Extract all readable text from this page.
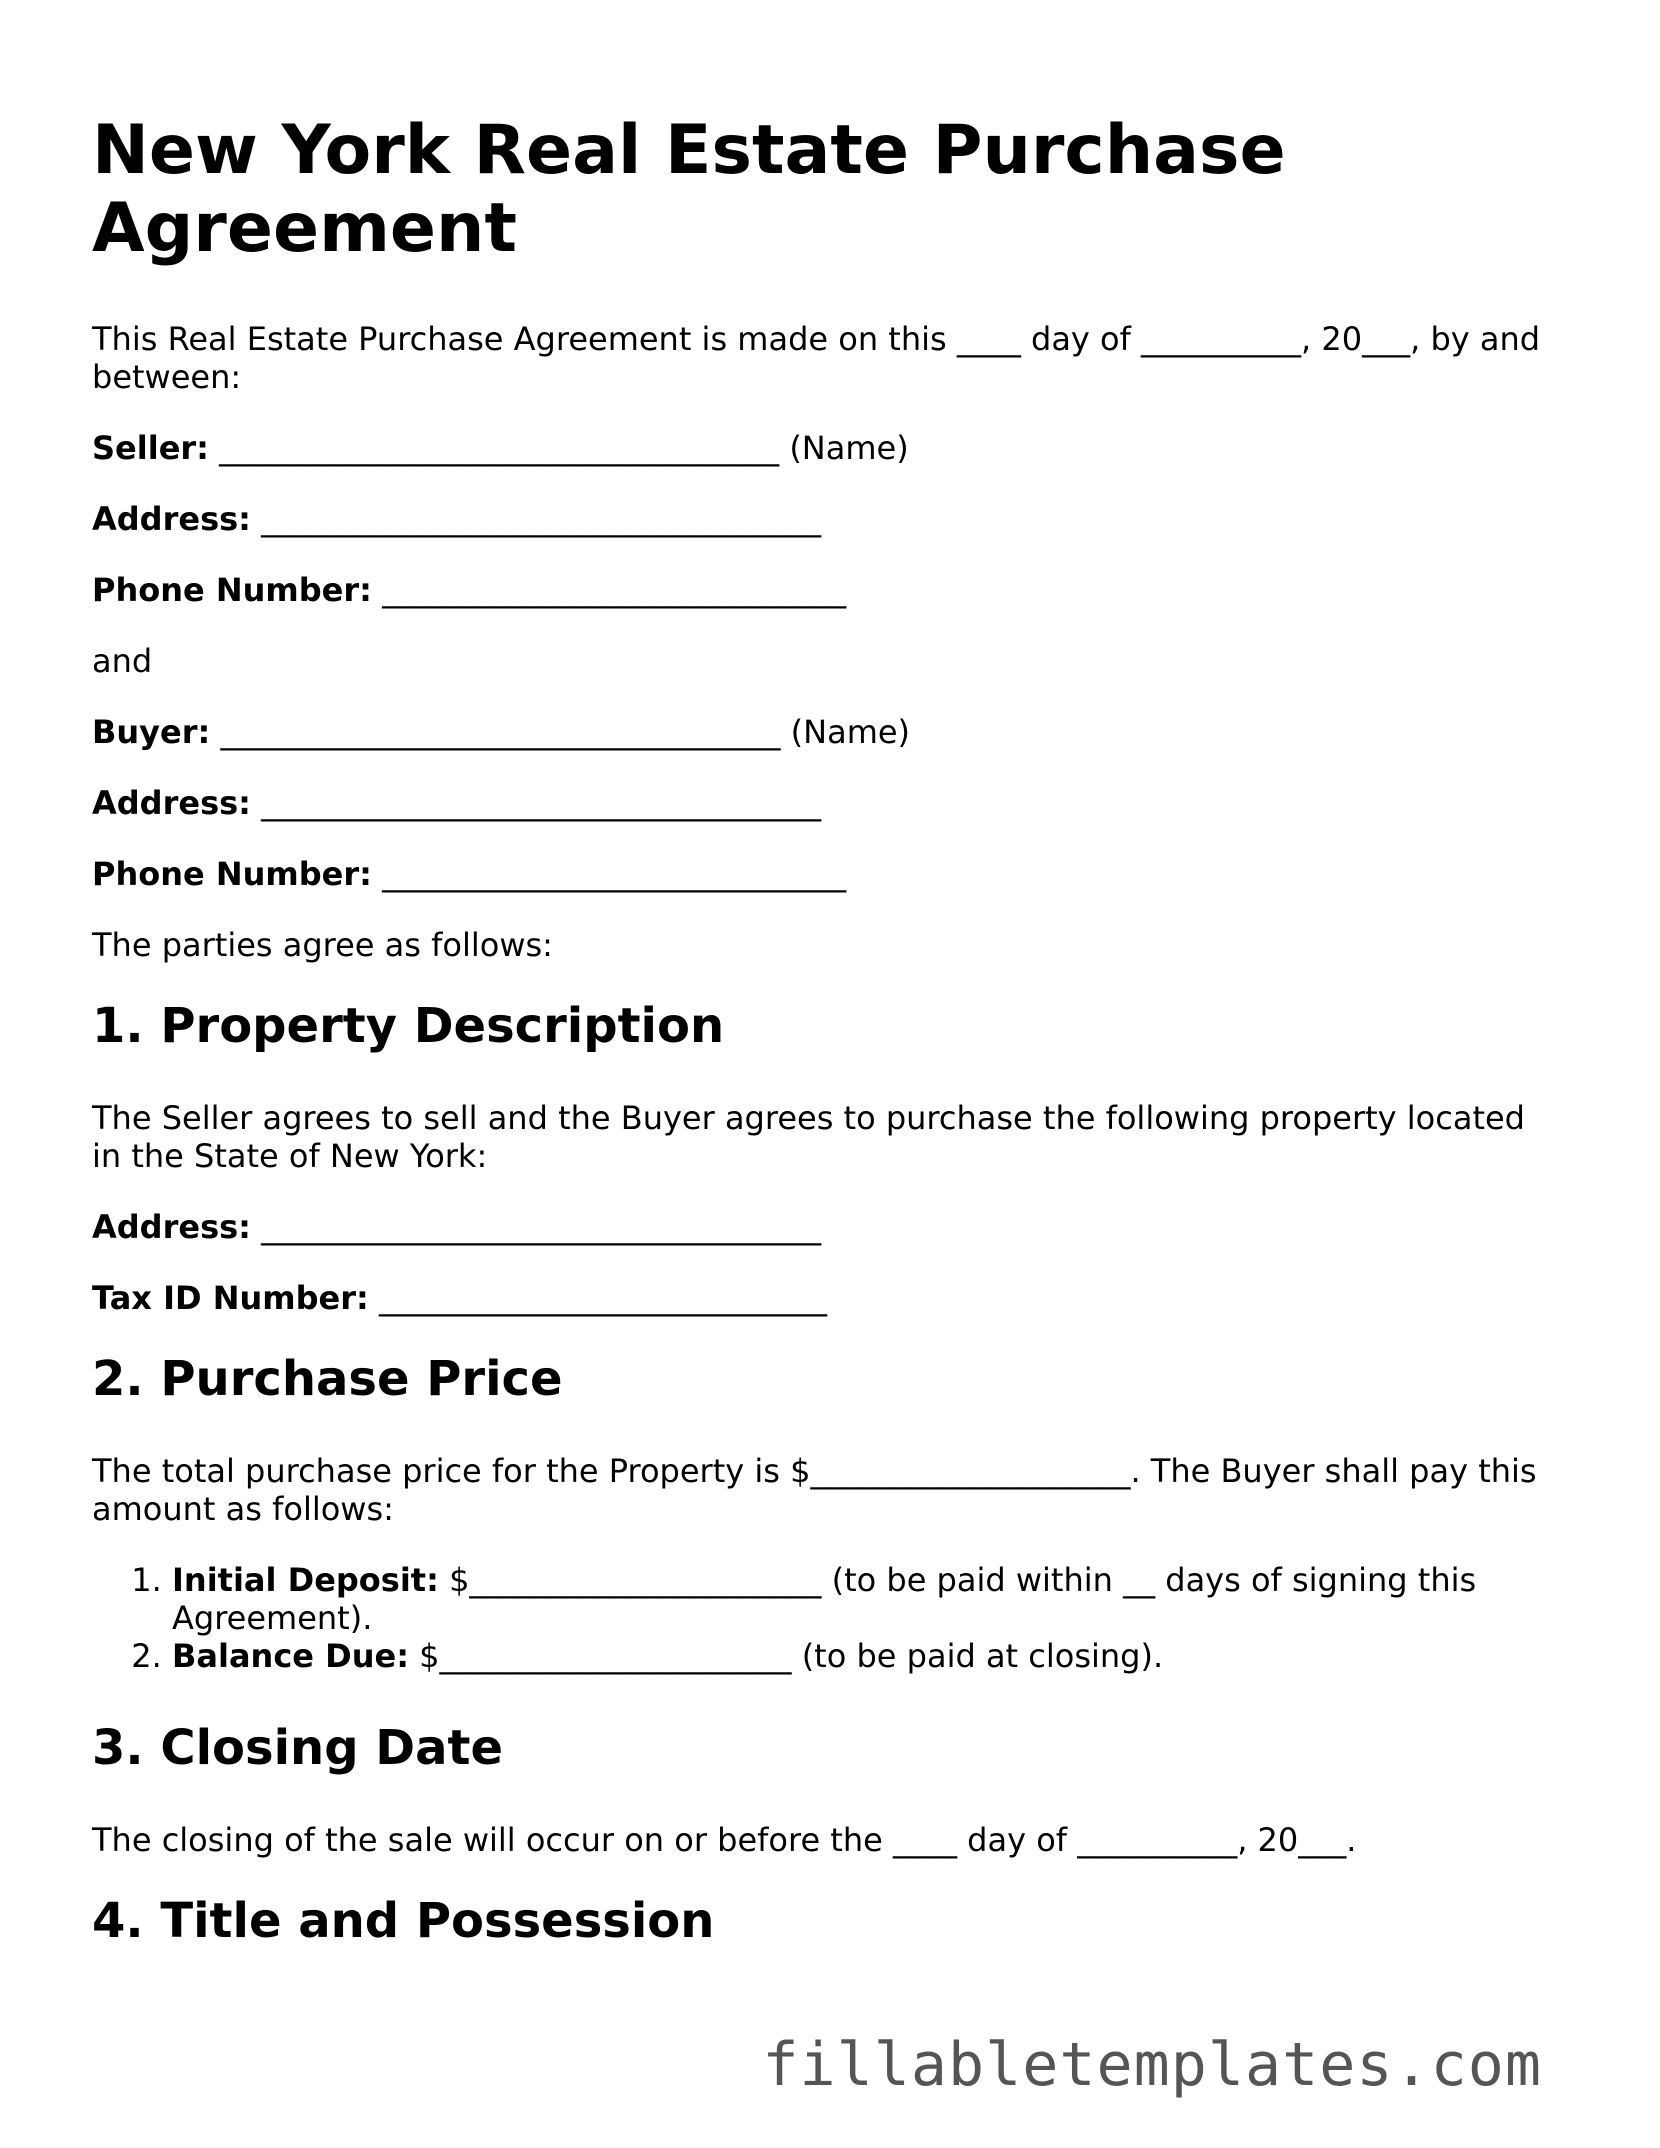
New York Real Estate Purchase Agreement

This Real Estate Purchase Agreement is made on this ____ day of __________, 20___, by and between:

Seller: ___________________________________ (Name)
Address: ___________________________________
Phone Number: _____________________________

and

Buyer: ___________________________________ (Name)
Address: ___________________________________
Phone Number: _____________________________

The parties agree as follows:

1. Property Description

The Seller agrees to sell and the Buyer agrees to purchase the following property located in the State of New York:

Address: ___________________________________
Tax ID Number: ____________________________
2. Purchase Price

The total purchase price for the Property is $____________________. The Buyer shall pay this amount as follows:

1. Initial Deposit: $______________________ (to be paid within __ days of signing this Agreement).
2. Balance Due: $______________________ (to be paid at closing).
3. Closing Date

The closing of the sale will occur on or before the ____ day of __________, 20___.

4. Title and Possession
fillabletemplates.com
